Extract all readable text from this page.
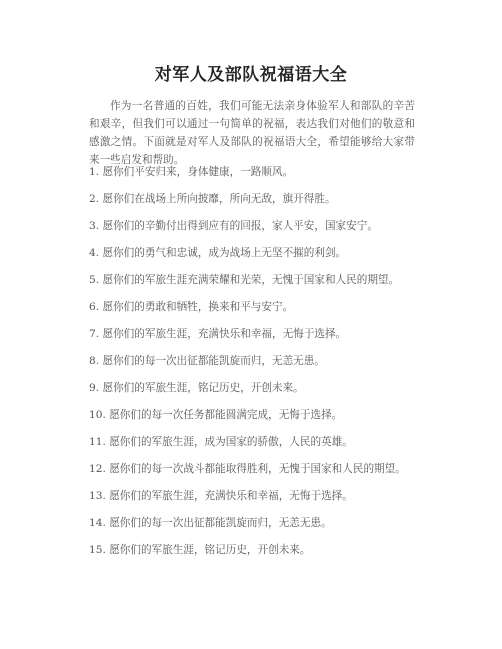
对军人及部队祝福语大全

作为一名普通的百姓，我们可能无法亲身体验军人和部队的辛苦和艰辛，但我们可以通过一句简单的祝福，表达我们对他们的敬意和感激之情。下面就是对军人及部队的祝福语大全，希望能够给大家带来一些启发和帮助。

1. 愿你们平安归来，身体健康，一路顺风。
2. 愿你们在战场上所向披靡，所向无敌，旗开得胜。
3. 愿你们的辛勤付出得到应有的回报，家人平安，国家安宁。
4. 愿你们的勇气和忠诚，成为战场上无坚不摧的利剑。
5. 愿你们的军旅生涯充满荣耀和光荣，无愧于国家和人民的期望。
6. 愿你们的勇敢和牺牲，换来和平与安宁。
7. 愿你们的军旅生涯，充满快乐和幸福，无悔于选择。
8. 愿你们的每一次出征都能凯旋而归，无恙无患。
9. 愿你们的军旅生涯，铭记历史，开创未来。
10. 愿你们的每一次任务都能圆满完成，无悔于选择。
11. 愿你们的军旅生涯，成为国家的骄傲，人民的英雄。
12. 愿你们的每一次战斗都能取得胜利，无愧于国家和人民的期望。
13. 愿你们的军旅生涯，充满快乐和幸福，无悔于选择。
14. 愿你们的每一次出征都能凯旋而归，无恙无患。
15. 愿你们的军旅生涯，铭记历史，开创未来。
